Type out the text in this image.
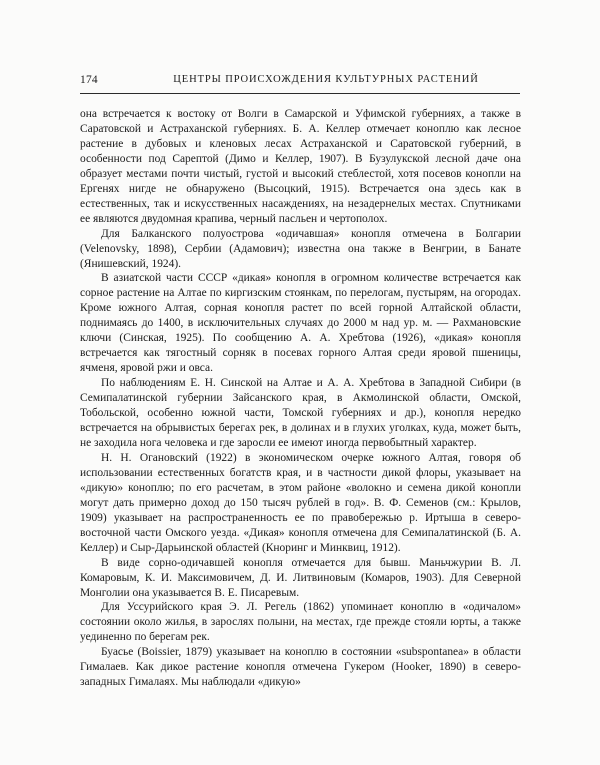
174	ЦЕНТРЫ ПРОИСХОЖДЕНИЯ КУЛЬТУРНЫХ РАСТЕНИЙ

она встречается к востоку от Волги в Самарской и Уфимской губерниях, а также в Саратовской и Астраханской губерниях. Б. А. Келлер отмечает коноплю как лесное растение в дубовых и кленовых лесах Астраханской и Саратовской губерний, в особенности под Сарептой (Димо и Келлер, 1907). В Бузулукской лесной даче она образует местами почти чистый, густой и высокий стеблестой, хотя посевов конопли на Ергенях нигде не обнаружено (Высоцкий, 1915). Встречается она здесь как в естественных, так и искусственных насаждениях, на незадернелых местах. Спутниками ее являются двудомная крапива, черный пасльен и чертополох.

Для Балканского полуострова «одичавшая» конопля отмечена в Болгарии (Velenovsky, 1898), Сербии (Адамович); известна она также в Венгрии, в Банате (Янишевский, 1924).

В азиатской части СССР «дикая» конопля в огромном количестве встречается как сорное растение на Алтае по киргизским стоянкам, по перелогам, пустырям, на огородах. Кроме южного Алтая, сорная конопля растет по всей горной Алтайской области, поднимаясь до 1400, в исключительных случаях до 2000 м над ур. м. — Рахмановские ключи (Синская, 1925). По сообщению А. А. Хребтова (1926), «дикая» конопля встречается как тягостный сорняк в посевах горного Алтая среди яровой пшеницы, ячменя, яровой ржи и овса.

По наблюдениям Е. Н. Синской на Алтае и А. А. Хребтова в Западной Сибири (в Семипалатинской губернии Зайсанского края, в Акмолинской области, Омской, Тобольской, особенно южной части, Томской губерниях и др.), конопля нередко встречается на обрывистых берегах рек, в долинах и в глухих уголках, куда, может быть, не заходила нога человека и где заросли ее имеют иногда первобытный характер.

Н. Н. Огановский (1922) в экономическом очерке южного Алтая, говоря об использовании естественных богатств края, и в частности дикой флоры, указывает на «дикую» коноплю; по его расчетам, в этом районе «волокно и семена дикой конопли могут дать примерно доход до 150 тысяч рублей в год». В. Ф. Семенов (см.: Крылов, 1909) указывает на распространенность ее по правобережью р. Иртыша в северо-восточной части Омского уезда. «Дикая» конопля отмечена для Семипалатинской (Б. А. Келлер) и Сыр-Дарьинской областей (Кноринг и Минквиц, 1912).

В виде сорно-одичавшей конопля отмечается для бывш. Маньчжурии В. Л. Комаровым, К. И. Максимовичем, Д. И. Литвиновым (Комаров, 1903). Для Северной Монголии она указывается В. Е. Писаревым.

Для Уссурийского края Э. Л. Регель (1862) упоминает коноплю в «одичалом» состоянии около жилья, в зарослях полыни, на местах, где прежде стояли юрты, а также уединенно по берегам рек.

Буасье (Boissier, 1879) указывает на коноплю в состоянии «subspontanea» в области Гималаев. Как дикое растение конопля отмечена Гукером (Hooker, 1890) в северо-западных Гималаях. Мы наблюдали «дикую»
